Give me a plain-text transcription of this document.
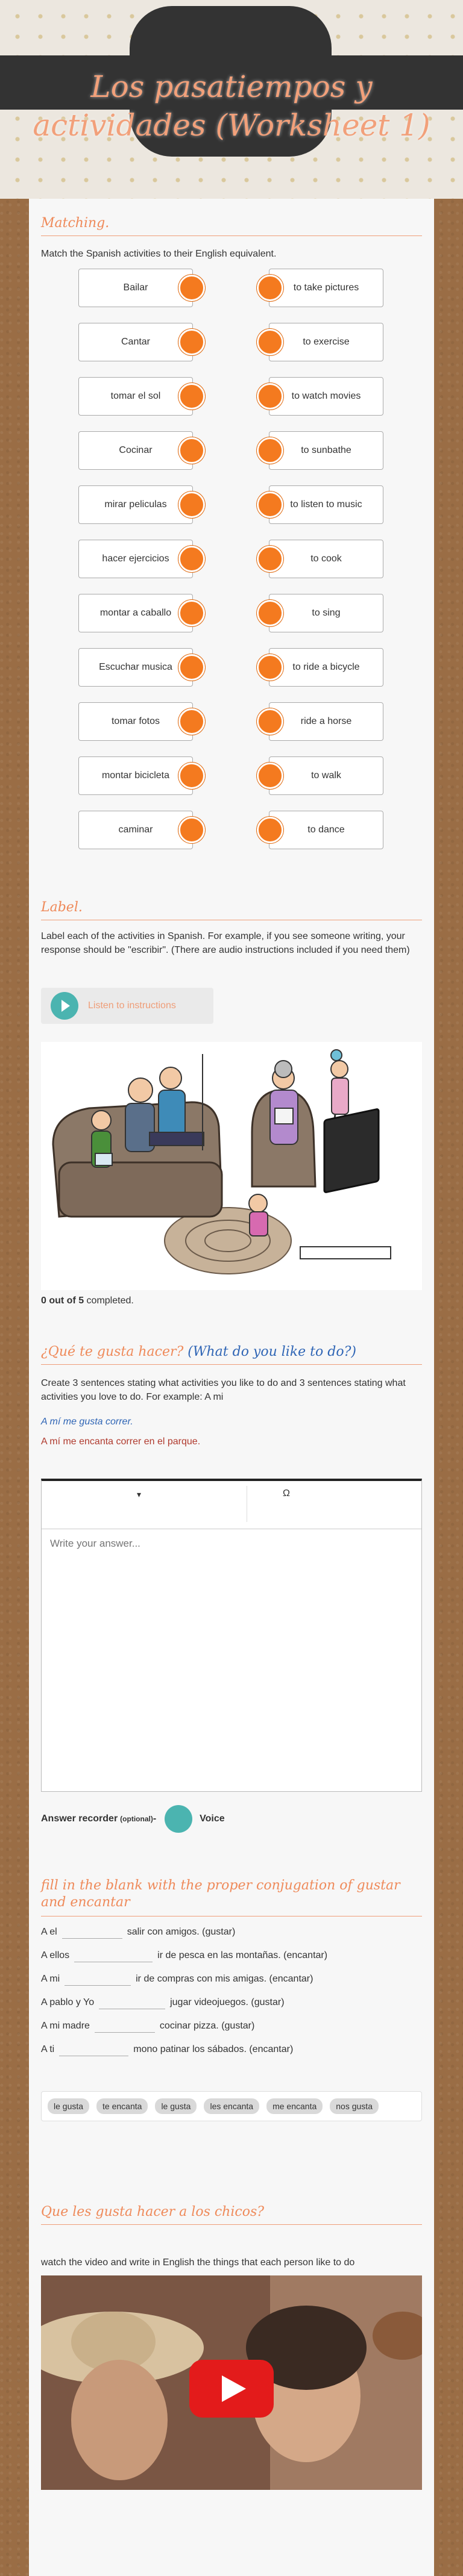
Los pasatiempos y
actividades (Worksheet 1)
Matching.
Match the Spanish activities to their English equivalent.
Bailar	to take pictures
Cantar	to exercise
tomar el sol	to watch movies
Cocinar	to sunbathe
mirar peliculas	to listen to music
hacer ejercicios	to cook
montar a caballo	to sing
Escuchar musica	to ride a bicycle
tomar fotos	ride a horse
montar bicicleta	to walk
caminar	to dance
Label.
Label each of the activities in Spanish. For example, if you see someone writing, your response should be "escribir". (There are audio instructions included if you need them)
Listen to instructions
0 out of 5 completed.
¿Qué te gusta hacer? (What do you like to do?)
Create 3 sentences stating what activities you like to do and 3 sentences stating what activities you love to do. For example: A mi
A mí me gusta correr.
A mí me encanta correr en el parque.
▾	Ω
Write your answer...
Answer recorder (optional) -	Voice
fill in the blank with the proper conjugation of gustar and encantar
A el	salir con amigos. (gustar)
A ellos	ir de pesca en las montañas. (encantar)
A mi	ir de compras con mis amigas. (encantar)
A pablo y Yo	jugar videojuegos. (gustar)
A mi madre	cocinar pizza. (gustar)
A ti	mono patinar los sábados. (encantar)
le gusta	te encanta	le gusta	les encanta	me encanta	nos gusta
Que les gusta hacer a los chicos?
watch the video and write in English the things that each person like to do
